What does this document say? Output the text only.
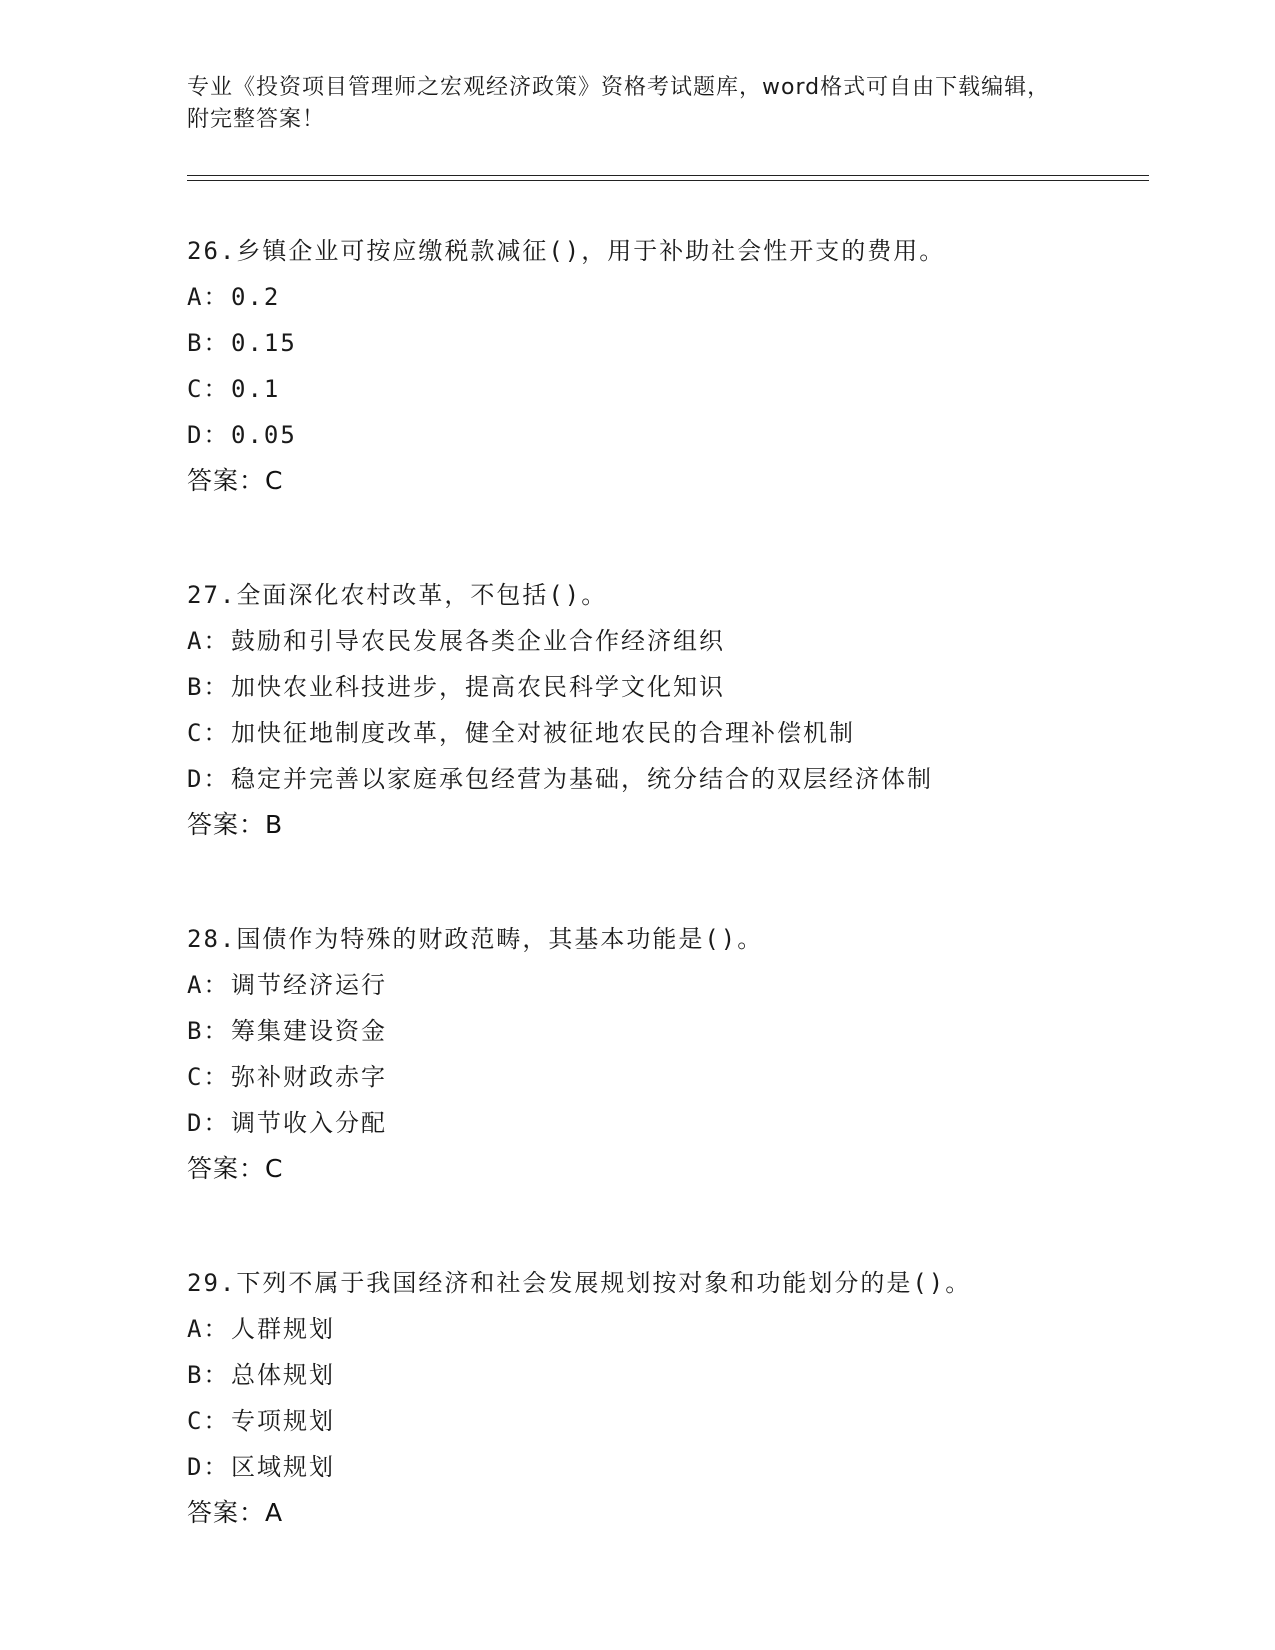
专业《投资项目管理师之宏观经济政策》资格考试题库，word格式可自由下载编辑，附完整答案！
26.乡镇企业可按应缴税款减征()，用于补助社会性开支的费用。
A：0.2
B：0.15
C：0.1
D：0.05
答案：C
27.全面深化农村改革，不包括()。
A：鼓励和引导农民发展各类企业合作经济组织
B：加快农业科技进步，提高农民科学文化知识
C：加快征地制度改革，健全对被征地农民的合理补偿机制
D：稳定并完善以家庭承包经营为基础，统分结合的双层经济体制
答案：B
28.国债作为特殊的财政范畴，其基本功能是()。
A：调节经济运行
B：筹集建设资金
C：弥补财政赤字
D：调节收入分配
答案：C
29.下列不属于我国经济和社会发展规划按对象和功能划分的是()。
A：人群规划
B：总体规划
C：专项规划
D：区域规划
答案：A
